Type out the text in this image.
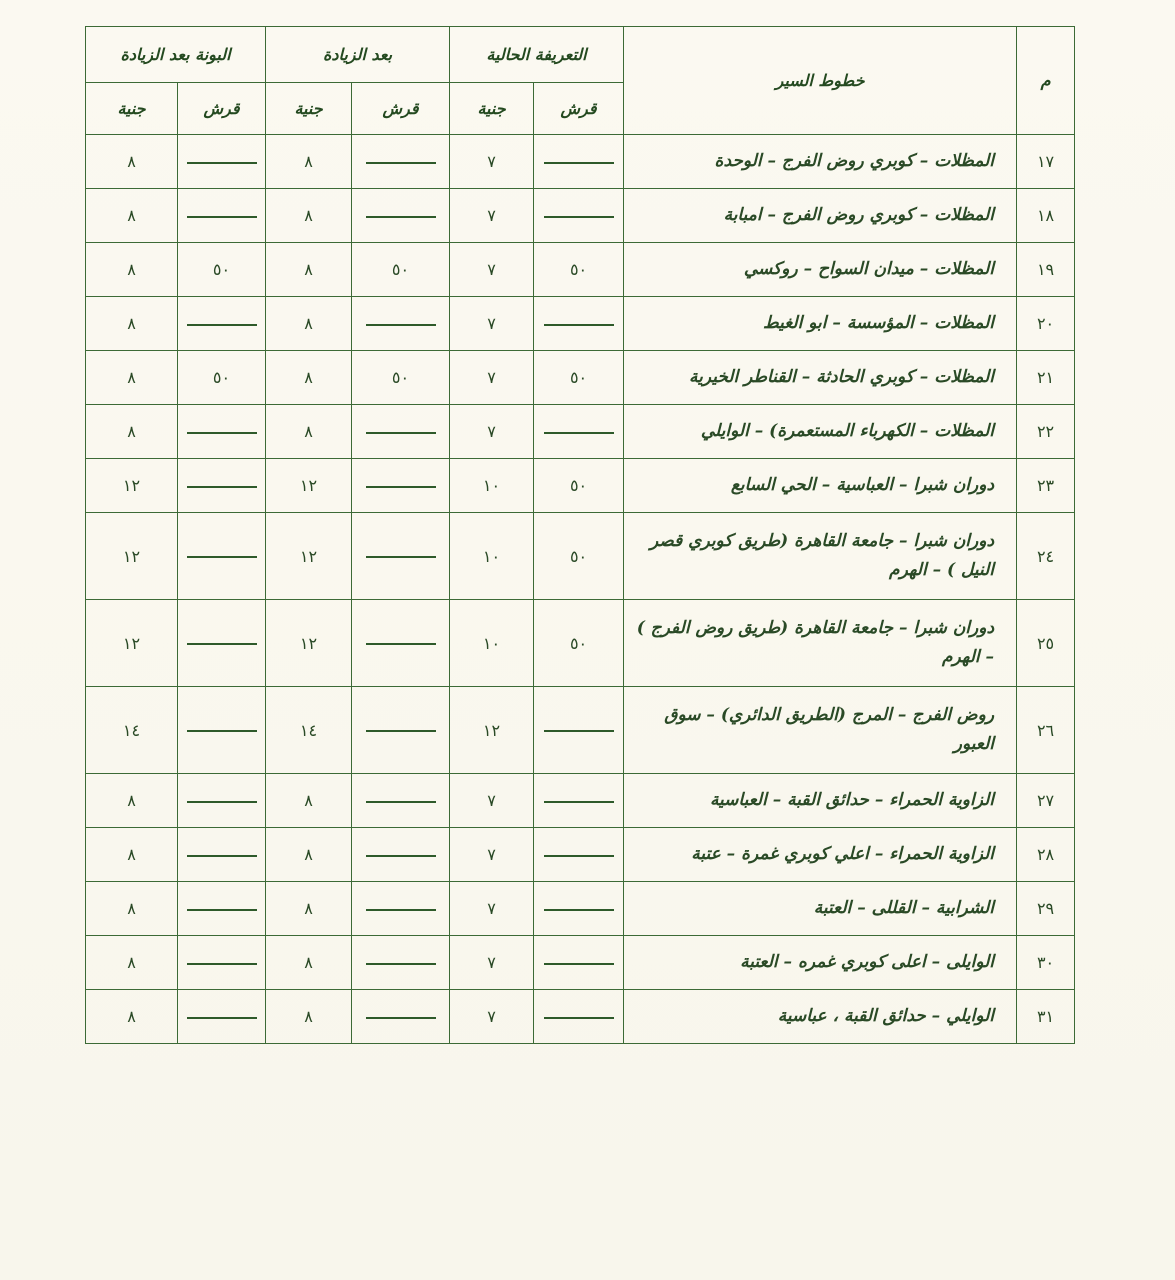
م	خطوط السير	التعريفة الحالية		بعد الزيادة		البونة بعد الزيادة	
		قرش	جنية	قرش	جنية	قرش	جنية
١٧	المظلات – كوبري روض الفرج – الوحدة		٧		٨		٨
١٨	المظلات – كوبري روض الفرج – امبابة		٧		٨		٨
١٩	المظلات – ميدان السواح – روكسي	٥٠	٧	٥٠	٨	٥٠	٨
٢٠	المظلات – المؤسسة – ابو الغيط		٧		٨		٨
٢١	المظلات – كوبري الحادثة – القناطر الخيرية	٥٠	٧	٥٠	٨	٥٠	٨
٢٢	المظلات – الكهرباء المستعمرة) – الوايلي		٧		٨		٨
٢٣	دوران شبرا – العباسية – الحي السابع	٥٠	١٠		١٢		١٢
٢٤	دوران شبرا – جامعة القاهرة (طريق كوبري قصر النيل ) – الهرم	٥٠	١٠		١٢		١٢
٢٥	دوران شبرا – جامعة القاهرة (طريق روض الفرج ) – الهرم	٥٠	١٠		١٢		١٢
٢٦	روض الفرج – المرج (الطريق الدائري) – سوق العبور		١٢		١٤		١٤
٢٧	الزاوية الحمراء – حدائق القبة – العباسية		٧		٨		٨
٢٨	الزاوية الحمراء – اعلي كوبري غمرة – عتبة		٧		٨		٨
٢٩	الشرابية – القللى – العتبة		٧		٨		٨
٣٠	الوايلى – اعلى كوبري غمره – العتبة		٧		٨		٨
٣١	الوايلي – حدائق القبة ، عباسية		٧		٨		٨
